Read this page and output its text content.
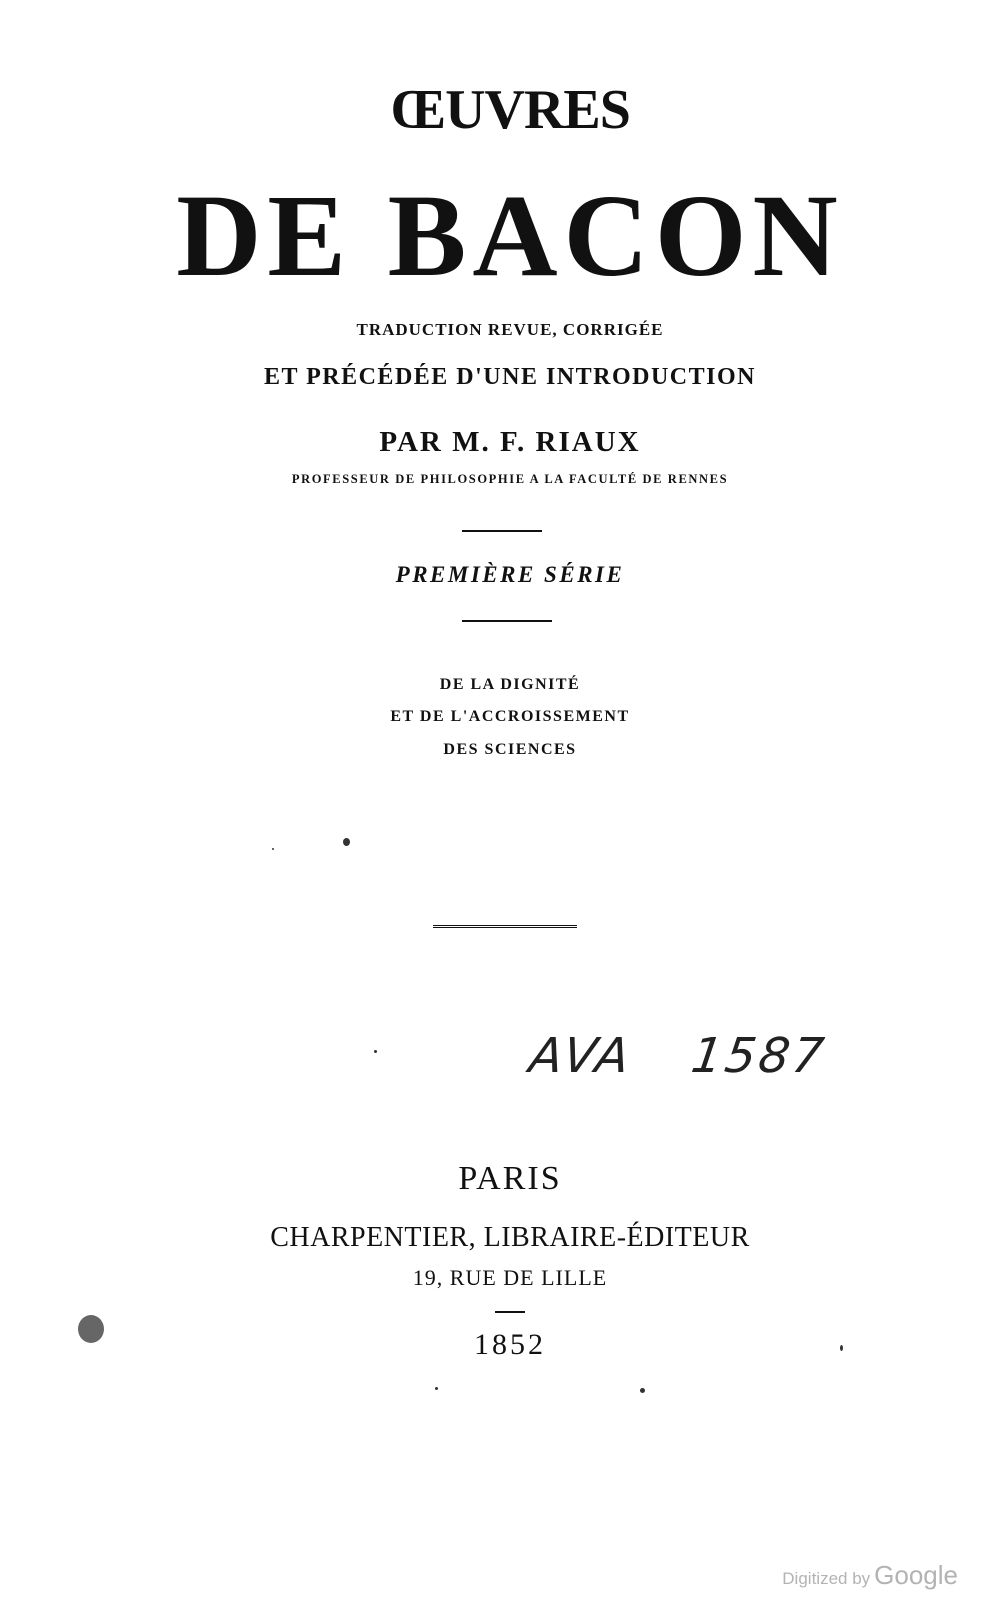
ŒUVRES

DE BACON

TRADUCTION REVUE, CORRIGÉE

ET PRÉCÉDÉE D'UNE INTRODUCTION

PAR M. F. RIAUX

PROFESSEUR DE PHILOSOPHIE A LA FACULTÉ DE RENNES

PREMIÈRE SÉRIE

DE LA DIGNITÉ

ET DE L'ACCROISSEMENT

DES SCIENCES

AVA 1587

PARIS

CHARPENTIER, LIBRAIRE-ÉDITEUR

19, RUE DE LILLE

1852

Digitized by Google
